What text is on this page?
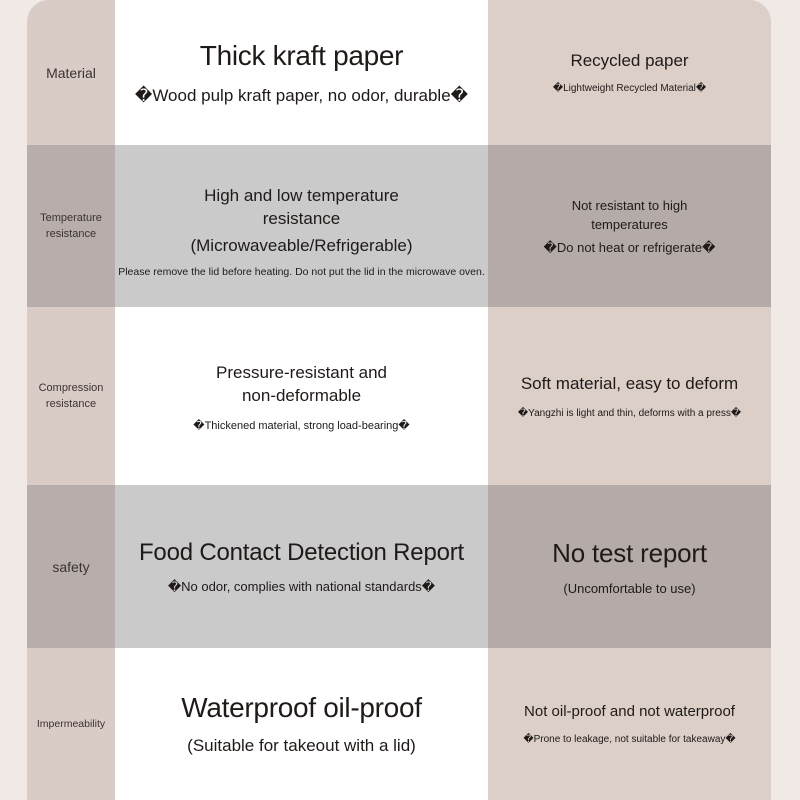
Material
Thick kraft paper
�Wood pulp kraft paper, no odor, durable�
Recycled paper
�Lightweight Recycled Material�
Temperature resistance
High and low temperature resistance
(Microwaveable/Refrigerable)
Please remove the lid before heating. Do not put the lid in the microwave oven.
Not resistant to high temperatures
�Do not heat or refrigerate�
Compression resistance
Pressure-resistant and non-deformable
�Thickened material, strong load-bearing�
Soft material, easy to deform
�Yangzhi is light and thin, deforms with a press�
safety
Food Contact Detection Report
�No odor, complies with national standards�
No test report
(Uncomfortable to use)
Impermeability
Waterproof oil-proof
(Suitable for takeout with a lid)
Not oil-proof and not waterproof
�Prone to leakage, not suitable for takeaway�
